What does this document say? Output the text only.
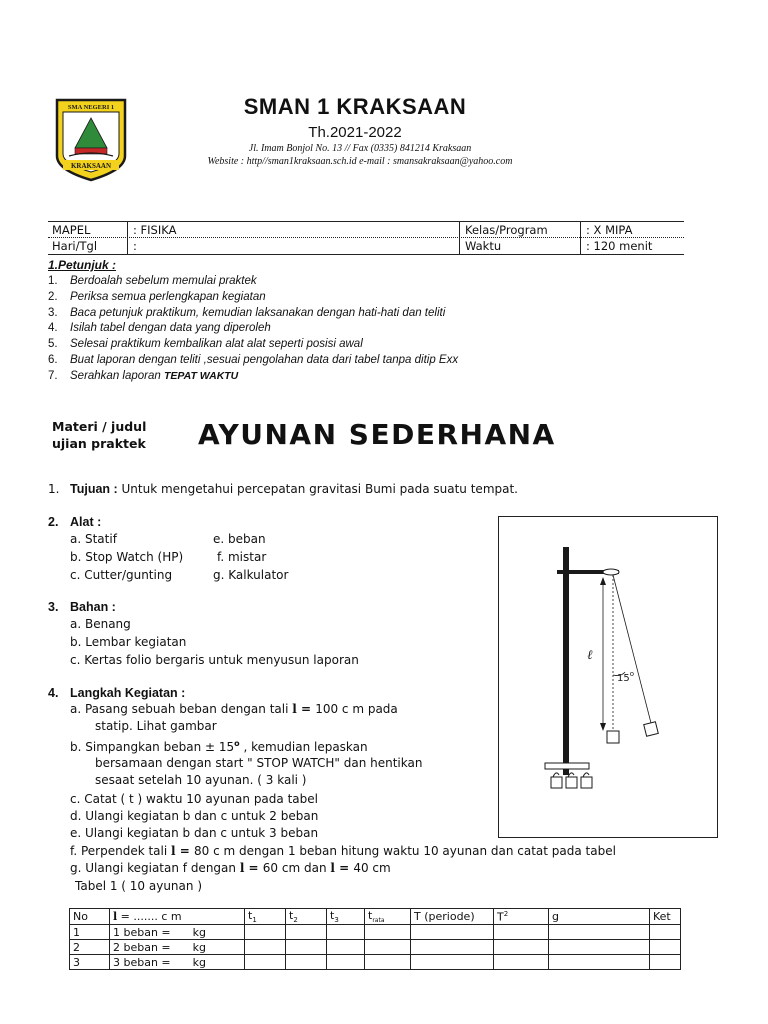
SMA NEGERI 1
KRAKSAAN
SMAN 1 KRAKSAAN
Th.2021-2022
Jl. Imam Bonjol No. 13 // Fax (0335) 841214 Kraksaan
Website : http//sman1kraksaan.sch.id e-mail : smansakraksaan@yahoo.com
MAPEL	: FISIKA	Kelas/Program	: X MIPA
Hari/Tgl	:	Waktu	: 120 menit
1.Petunjuk :
1. Berdoalah sebelum memulai praktek
2. Periksa semua perlengkapan kegiatan
3. Baca petunjuk praktikum, kemudian laksanakan dengan hati-hati dan teliti
4. Isilah tabel dengan data yang diperoleh
5. Selesai praktikum kembalikan alat alat seperti posisi awal
6. Buat laporan dengan teliti ,sesuai pengolahan data dari tabel tanpa ditip Exx
7. Serahkan laporan TEPAT WAKTU
Materi / judul
ujian praktek AYUNAN SEDERHANA
1. Tujuan : Untuk mengetahui percepatan gravitasi Bumi pada suatu tempat.
2. Alat :
a. Statif
b. Stop Watch (HP)
c. Cutter/gunting
e. beban
f. mistar
g. Kalkulator
3. Bahan :
a. Benang
b. Lembar kegiatan
c. Kertas folio bergaris untuk menyusun laporan
4. Langkah Kegiatan :
a. Pasang sebuah beban dengan tali l = 100 c m pada
statip. Lihat gambar
b. Simpangkan beban ± $15^o$ , kemudian lepaskan
bersamaan dengan start " STOP WATCH" dan hentikan
sesaat setelah 10 ayunan. ( 3 kali )
c. Catat ( t ) waktu 10 ayunan pada tabel
d. Ulangi kegiatan b dan c untuk 2 beban
e. Ulangi kegiatan b dan c untuk 3 beban
f. Perpendek tali l = 80 c m dengan 1 beban hitung waktu 10 ayunan dan catat pada tabel
g. Ulangi kegiatan f dengan l = 60 cm dan l = 40 cm
Tabel 1 ( 10 ayunan )
ℓ
15$^o$
No	l = ....... c m	$t_1$	$t_2$	$t_3$	$t_{rata}$	T (periode)	$T^2$	g	Ket
1	1 beban = kg								
2	2 beban = kg								
3	3 beban = kg								
